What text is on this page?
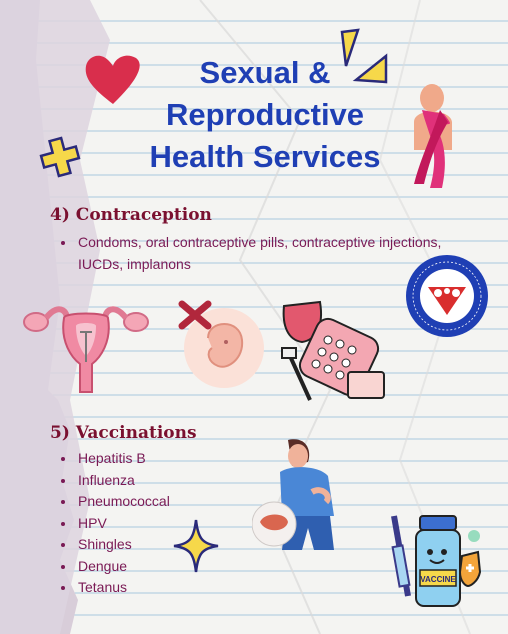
Sexual &
Reproductive
Health Services
4) Contraception
• Condoms, oral contraceptive pills, contraceptive injections, IUCDs, implanons
5) Vaccinations
• Hepatitis B
• Influenza
• Pneumococcal
• HPV
• Shingles
• Dengue
• Tetanus	VACCINE
